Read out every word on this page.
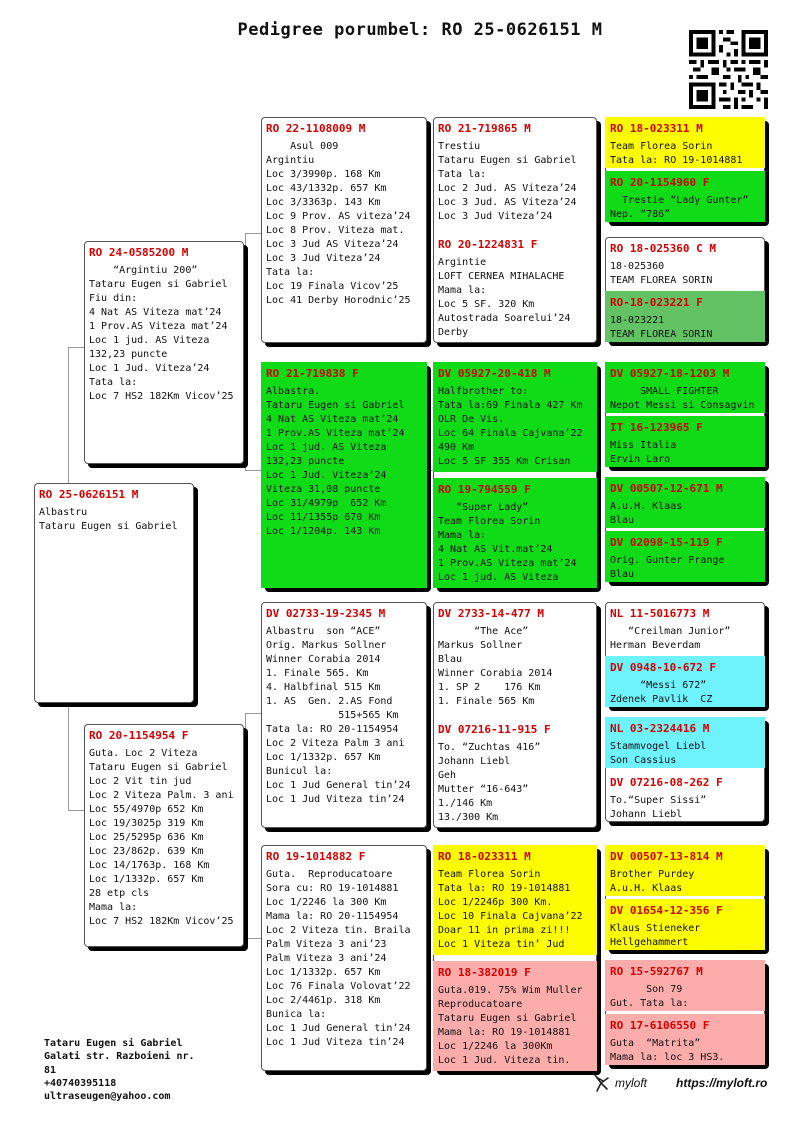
Pedigree porumbel: RO 25-0626151 M
RO 25-0626151 M
Albastru
Tataru Eugen si Gabriel
RO 24-0585200 M
“Argintiu 200”
Tataru Eugen si Gabriel
Fiu din:
4 Nat AS Viteza mat’24
1 Prov.AS Viteza mat’24
Loc 1 jud. AS Viteza
132,23 puncte
Loc 1 Jud. Viteza’24
Tata la:
Loc 7 HS2 182Km Vicov’25
RO 20-1154954 F
Guta. Loc 2 Viteza
Tataru Eugen si Gabriel
Loc 2 Vit tin jud
Loc 2 Viteza Palm. 3 ani
Loc 55/4970p 652 Km
Loc 19/3025p 319 Km
Loc 25/5295p 636 Km
Loc 23/862p. 639 Km
Loc 14/1763p. 168 Km
Loc 1/1332p. 657 Km
28 etp cls
Mama la:
Loc 7 HS2 182Km Vicov’25
RO 22-1108009 M
Asul 009
Argintiu
Loc 3/3990p. 168 Km
Loc 43/1332p. 657 Km
Loc 3/3363p. 143 Km
Loc 9 Prov. AS viteza’24
Loc 8 Prov. Viteza mat.
Loc 3 Jud AS Viteza’24
Loc 3 Jud Viteza’24
Tata la:
Loc 19 Finala Vicov’25
Loc 41 Derby Horodnic’25
RO 21-719838 F
Albastra.
Tataru Eugen si Gabriel
4 Nat AS Viteza mat’24
1 Prov.AS Viteza mat’24
Loc 1 jud. AS Viteza
132,23 puncte
Loc 1 Jud. Viteza’24
Viteza 31,08 puncte
Loc 31/4979p  652 Km
Loc 11/1355p 670 Km
Loc 1/1204p. 143 Km
DV 02733-19-2345 M
Albastru  son “ACE”
Orig. Markus Sollner
Winner Corabia 2014
1. Finale 565. Km
4. Halbfinal 515 Km
1. AS  Gen. 2.AS Fond
515+565 Km
Tata la: RO 20-1154954
Loc 2 Viteza Palm 3 ani
Loc 1/1332p. 657 Km
Bunicul la:
Loc 1 Jud General tin’24
Loc 1 Jud Viteza tin’24
RO 19-1014882 F
Guta.  Reproducatoare
Sora cu: RO 19-1014881
Loc 1/2246 la 300 Km
Mama la: RO 20-1154954
Loc 2 Viteza tin. Braila
Palm Viteza 3 ani’23
Palm Viteza 3 ani’24
Loc 1/1332p. 657 Km
Loc 76 Finala Volovat’22
Loc 2/4461p. 318 Km
Bunica la:
Loc 1 Jud General tin’24
Loc 1 Jud Viteza tin’24
RO 21-719865 M
Trestiu
Tataru Eugen si Gabriel
Tata la:
Loc 2 Jud. AS Viteza’24
Loc 3 Jud. AS Viteza’24
Loc 3 Jud Viteza’24
RO 20-1224831 F
Argintie
LOFT CERNEA MIHALACHE
Mama la:
Loc 5 SF. 320 Km
Autostrada Soarelui’24
Derby
DV 05927-20-418 M
Halfbrother to:
Tata la:69 Finala 427 Km
OLR De Vis.
Loc 64 Finala Cajvana’22
490 Km
Loc 5 SF 355 Km Crisan
RO 19-794559 F
“Super Lady”
Team Florea Sorin
Mama la:
4 Nat AS Vit.mat’24
1 Prov.AS Viteza mat’24
Loc 1 jud. AS Viteza
DV 2733-14-477 M
“The Ace”
Markus Sollner
Blau
Winner Corabia 2014
1. SP 2    176 Km
1. Finale 565 Km
DV 07216-11-915 F
To. “Zuchtas 416”
Johann Liebl
Geh
Mutter “16-643”
1./146 Km
13./300 Km
RO 18-023311 M
Team Florea Sorin
Tata la: RO 19-1014881
Loc 1/2246p 300 Km.
Loc 10 Finala Cajvana’22
Doar 11 in prima zi!!!
Loc 1 Viteza tin’ Jud
RO 18-382019 F
Guta.019. 75% Wim Muller
Reproducatoare
Tataru Eugen si Gabriel
Mama la: RO 19-1014881
Loc 1/2246 la 300Km
Loc 1 Jud. Viteza tin.
RO 18-023311 M
Team Florea Sorin
Tata la: RO 19-1014881
RO 20-1154960 F
Trestie “Lady Gunter”
Nep. “786”
RO 18-025360 C M
18-025360
TEAM FLOREA SORIN
RO-18-023221 F
18-023221
TEAM FLOREA SORIN
DV 05927-18-1203 M
SMALL FIGHTER
Nepot Messi si Consagvin
IT 16-123965 F
Miss Italia
Ervin Laro
DV 00507-12-671 M
A.u.H. Klaas
Blau
DV 02098-15-119 F
Orig. Gunter Prange
Blau
NL 11-5016773 M
“Creilman Junior”
Herman Beverdam
DV 0948-10-672 F
“Messi 672”
Zdenek Pavlik  CZ
NL 03-2324416 M
Stammvogel Liebl
Son Cassius
DV 07216-08-262 F
To.“Super Sissi”
Johann Liebl
DV 00507-13-814 M
Brother Purdey
A.u.H. Klaas
DV 01654-12-356 F
Klaus Stieneker
Hellgehammert
RO 15-592767 M
Son 79
Gut. Tata la:
RO 17-6106550 F
Guta  “Matrita”
Mama la: loc 3 HS3.
Tataru Eugen si Gabriel
Galati str. Razboieni nr.
81
+40740395118
ultraseugen@yahoo.com
myloft https://myloft.ro
